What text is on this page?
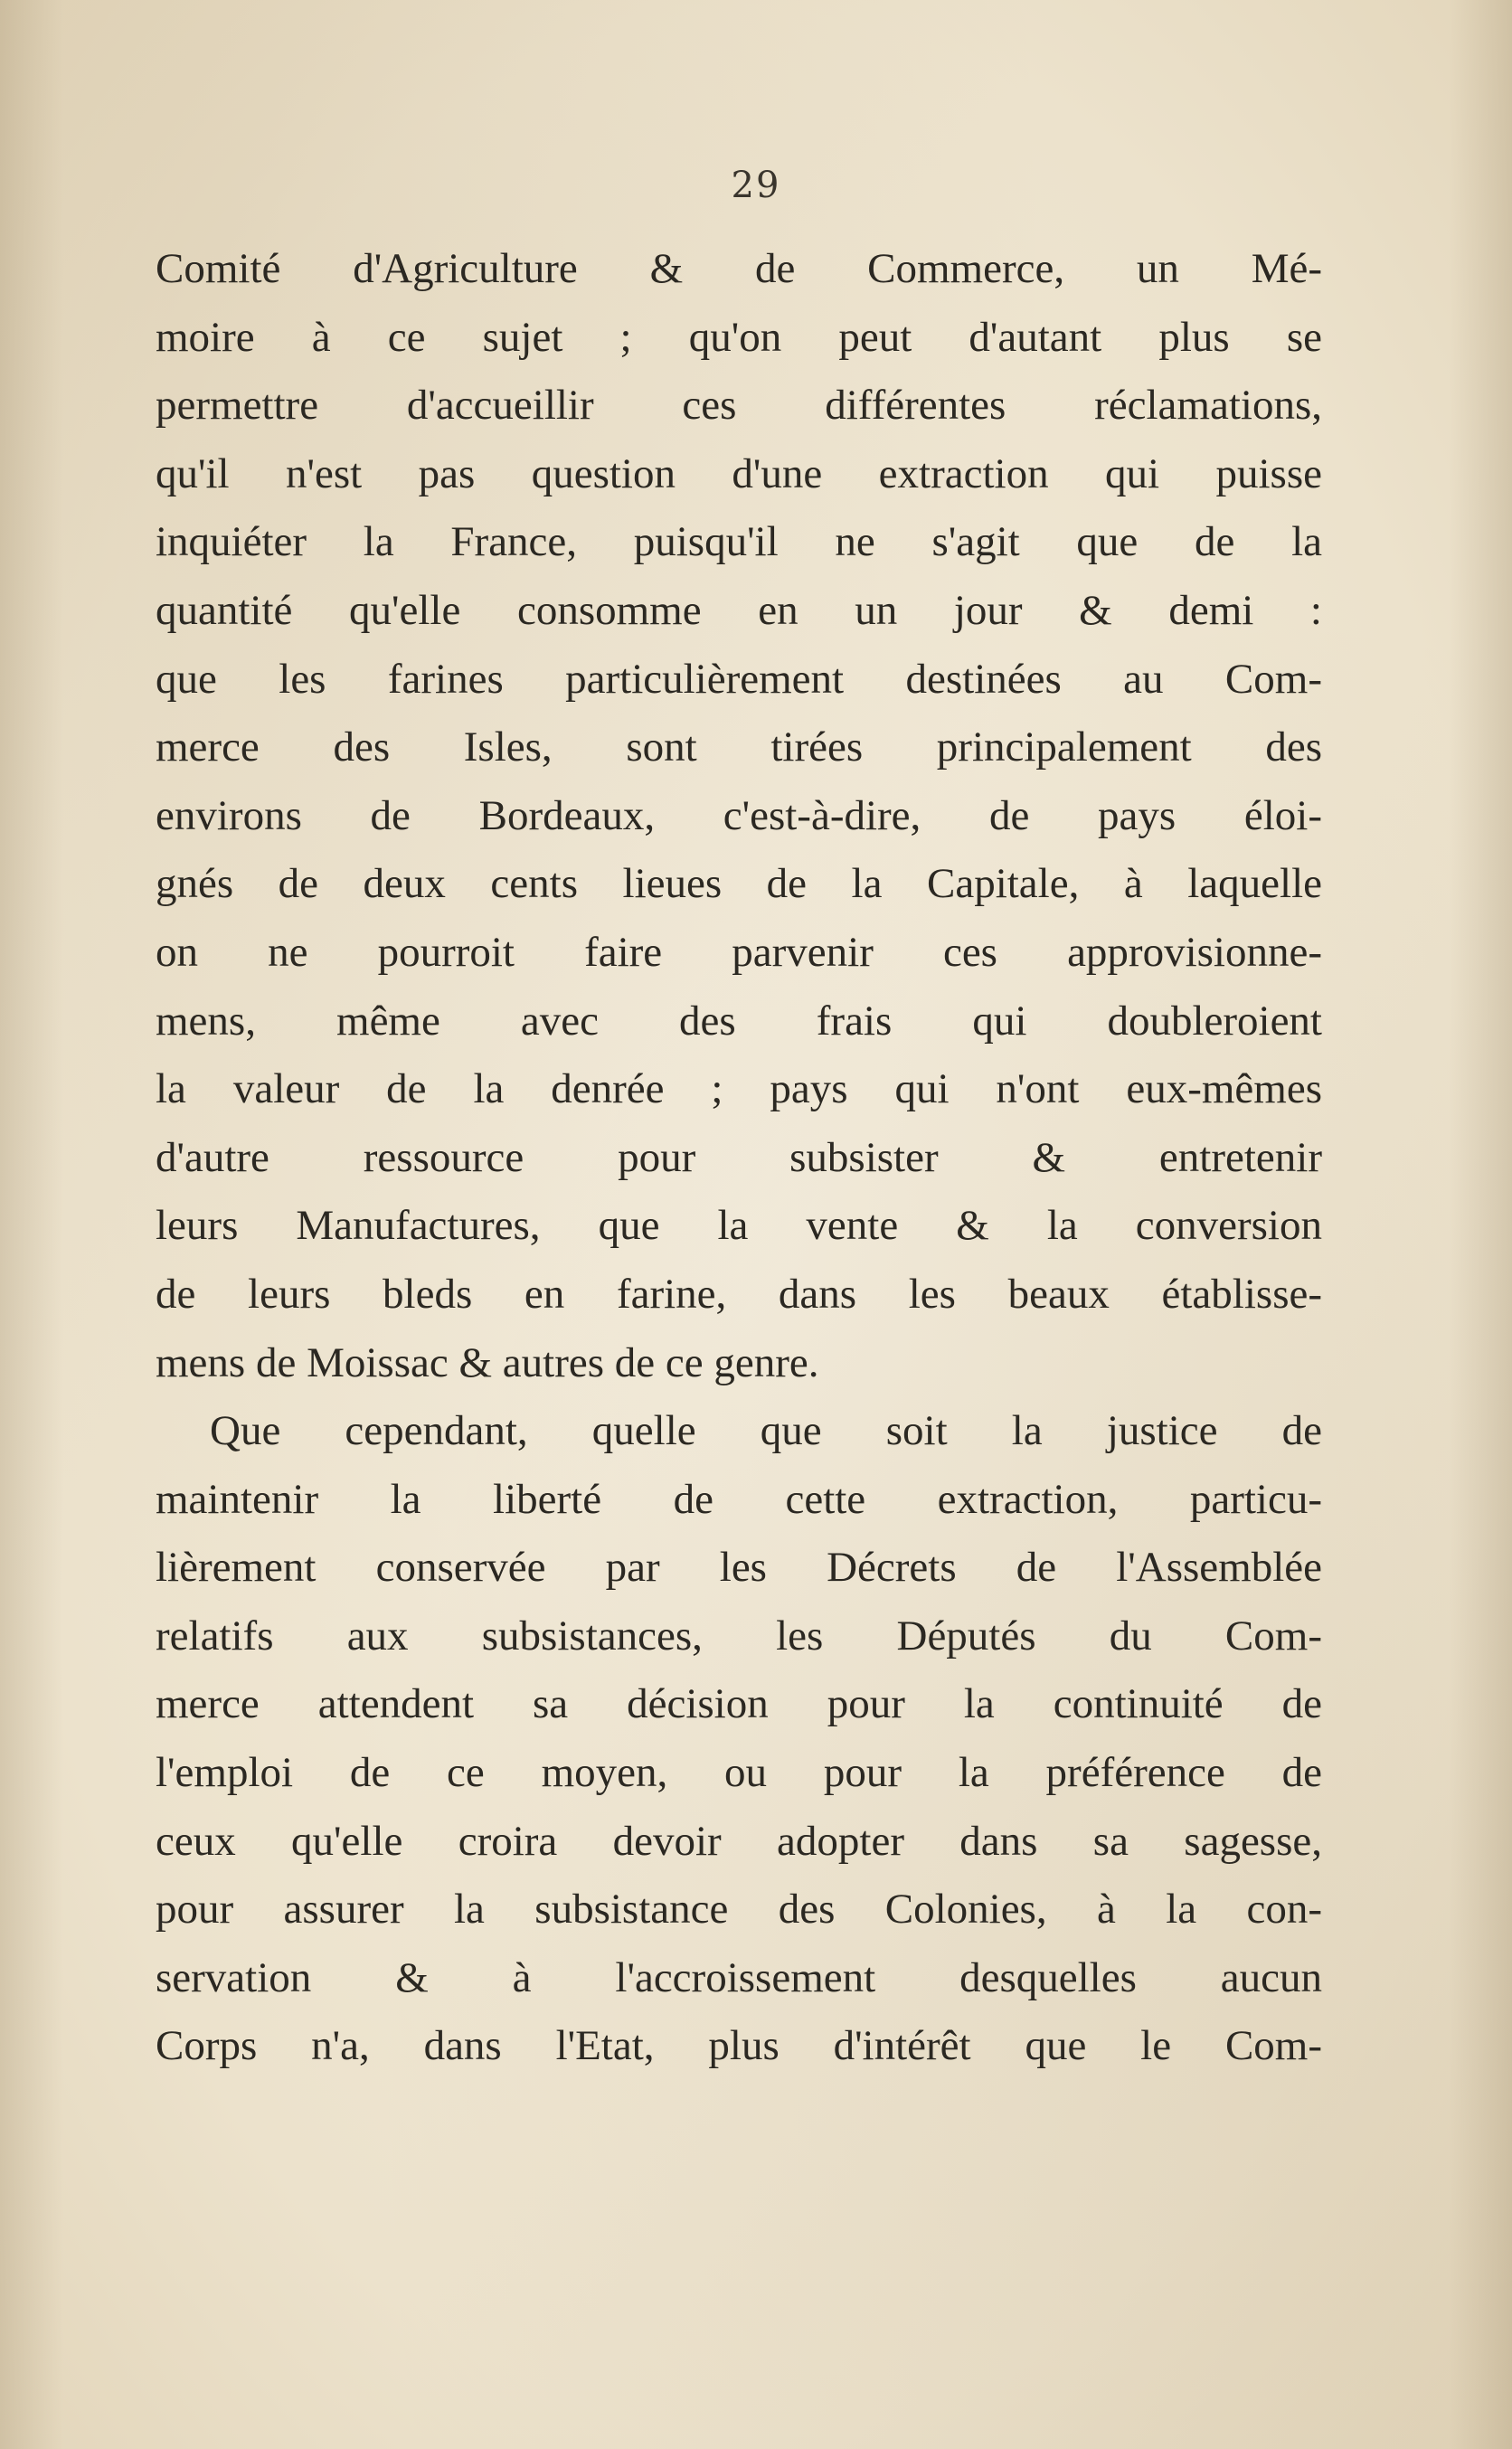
29
Comité d'Agriculture & de Commerce, un Mé-
moire à ce sujet ; qu'on peut d'autant plus se
permettre d'accueillir ces différentes réclamations,
qu'il n'est pas question d'une extraction qui puisse
inquiéter la France, puisqu'il ne s'agit que de la
quantité qu'elle consomme en un jour & demi :
que les farines particulièrement destinées au Com-
merce des Isles, sont tirées principalement des
environs de Bordeaux, c'est-à-dire, de pays éloi-
gnés de deux cents lieues de la Capitale, à laquelle
on ne pourroit faire parvenir ces approvisionne-
mens, même avec des frais qui doubleroient
la valeur de la denrée ; pays qui n'ont eux-mêmes
d'autre ressource pour subsister & entretenir
leurs Manufactures, que la vente & la conversion
de leurs bleds en farine, dans les beaux établisse-
mens de Moissac & autres de ce genre.
Que cependant, quelle que soit la justice de
maintenir la liberté de cette extraction, particu-
lièrement conservée par les Décrets de l'Assemblée
relatifs aux subsistances, les Députés du Com-
merce attendent sa décision pour la continuité de
l'emploi de ce moyen, ou pour la préférence de
ceux qu'elle croira devoir adopter dans sa sagesse,
pour assurer la subsistance des Colonies, à la con-
servation & à l'accroissement desquelles aucun
Corps n'a, dans l'Etat, plus d'intérêt que le Com-
